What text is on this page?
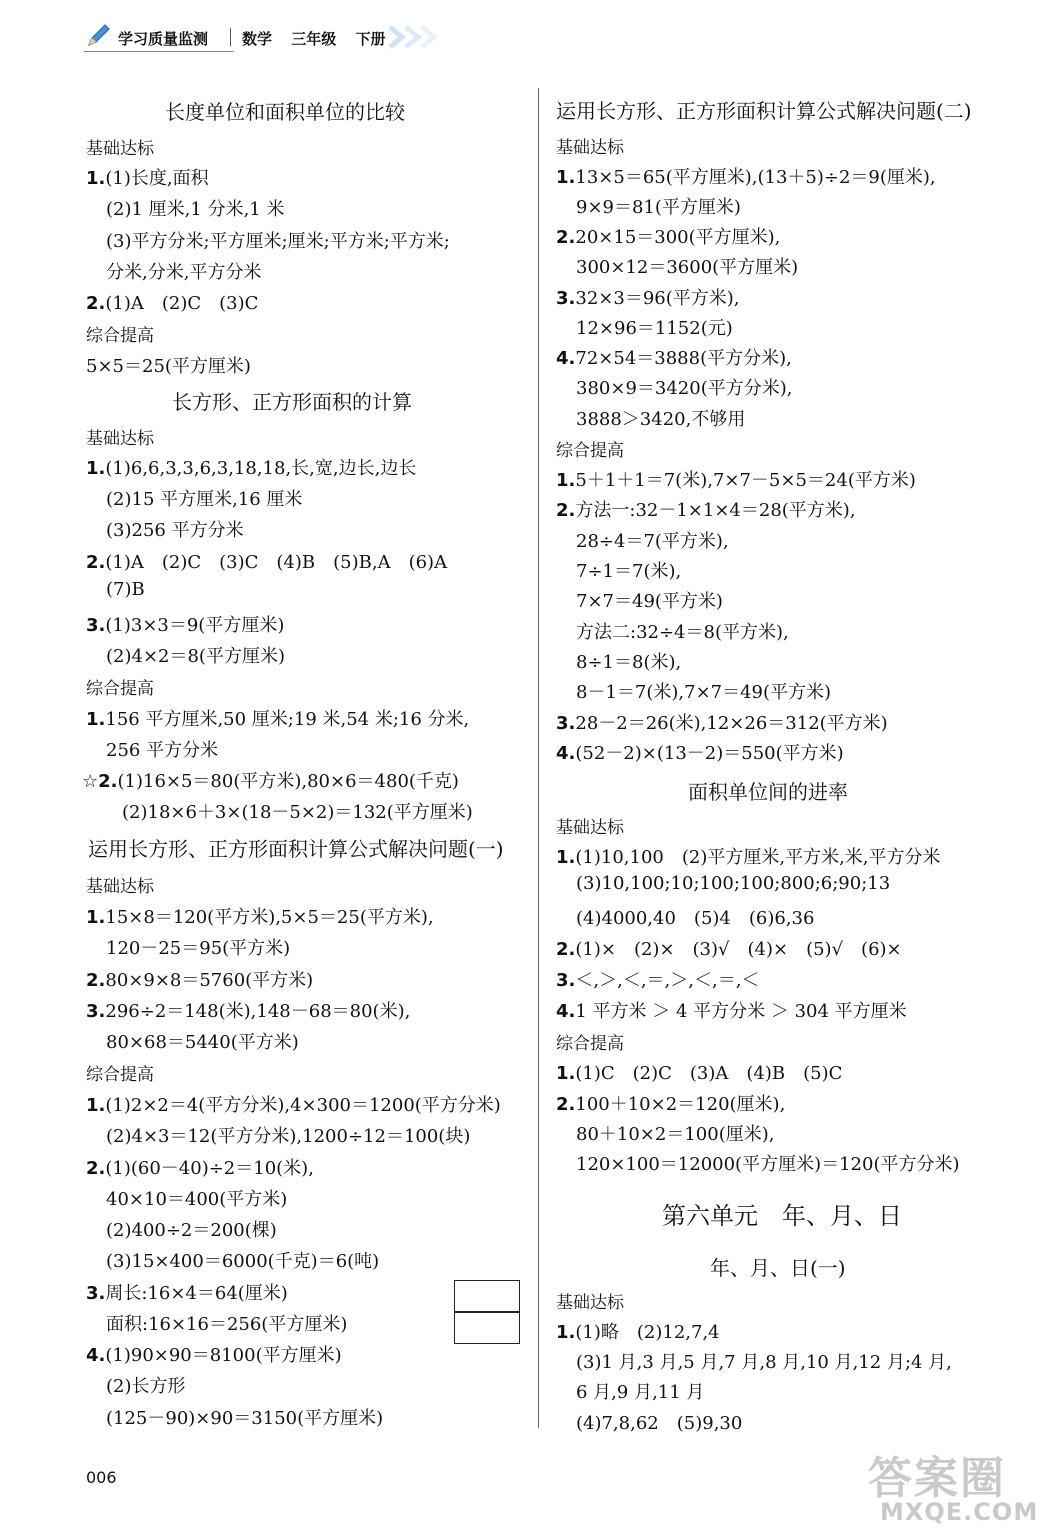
学习质量监测 数学 三年级 下册
长度单位和面积单位的比较
基础达标
1.(1)长度,面积
(2)1 厘米,1 分米,1 米
(3)平方分米;平方厘米;厘米;平方米;平方米;
分米,分米,平方分米
2.(1)A　(2)C　(3)C
综合提高
5×5＝25(平方厘米)
长方形、正方形面积的计算
基础达标
1.(1)6,6,3,3,6,3,18,18,长,宽,边长,边长
(2)15 平方厘米,16 厘米
(3)256 平方分米
2.(1)A　(2)C　(3)C　(4)B　(5)B,A　(6)A
(7)B
3.(1)3×3＝9(平方厘米)
(2)4×2＝8(平方厘米)
综合提高
1.156 平方厘米,50 厘米;19 米,54 米;16 分米,
256 平方分米
☆2.(1)16×5＝80(平方米),80×6＝480(千克)
(2)18×6＋3×(18－5×2)＝132(平方厘米)
运用长方形、正方形面积计算公式解决问题(一)
基础达标
1.15×8＝120(平方米),5×5＝25(平方米),
120－25＝95(平方米)
2.80×9×8＝5760(平方米)
3.296÷2＝148(米),148－68＝80(米),
80×68＝5440(平方米)
综合提高
1.(1)2×2＝4(平方分米),4×300＝1200(平方分米)
(2)4×3＝12(平方分米),1200÷12＝100(块)
2.(1)(60－40)÷2＝10(米),
40×10＝400(平方米)
(2)400÷2＝200(棵)
(3)15×400＝6000(千克)＝6(吨)
3.周长:16×4＝64(厘米)
面积:16×16＝256(平方厘米)
4.(1)90×90＝8100(平方厘米)
(2)长方形
(125－90)×90＝3150(平方厘米)
运用长方形、正方形面积计算公式解决问题(二)
基础达标
1.13×5＝65(平方厘米),(13＋5)÷2＝9(厘米),
9×9＝81(平方厘米)
2.20×15＝300(平方厘米),
300×12＝3600(平方厘米)
3.32×3＝96(平方米),
12×96＝1152(元)
4.72×54＝3888(平方分米),
380×9＝3420(平方分米),
3888＞3420,不够用
综合提高
1.5＋1＋1＝7(米),7×7－5×5＝24(平方米)
2.方法一:32－1×1×4＝28(平方米),
28÷4＝7(平方米),
7÷1＝7(米),
7×7＝49(平方米)
方法二:32÷4＝8(平方米),
8÷1＝8(米),
8－1＝7(米),7×7＝49(平方米)
3.28－2＝26(米),12×26＝312(平方米)
4.(52－2)×(13－2)＝550(平方米)
面积单位间的进率
基础达标
1.(1)10,100　(2)平方厘米,平方米,米,平方分米
(3)10,100;10;100;100;800;6;90;13
(4)4000,40　(5)4　(6)6,36
2.(1)×　(2)×　(3)√　(4)×　(5)√　(6)×
3.＜,＞,＜,＝,＞,＜,＝,＜
4.1 平方米 ＞ 4 平方分米 ＞ 304 平方厘米
综合提高
1.(1)C　(2)C　(3)A　(4)B　(5)C
2.100＋10×2＝120(厘米),
80＋10×2＝100(厘米),
120×100＝12000(平方厘米)＝120(平方分米)
第六单元　年、月、日
年、月、日(一)
基础达标
1.(1)略　(2)12,7,4
(3)1 月,3 月,5 月,7 月,8 月,10 月,12 月;4 月,
6 月,9 月,11 月
(4)7,8,62　(5)9,30
006	答案圈
MXQE.COM
